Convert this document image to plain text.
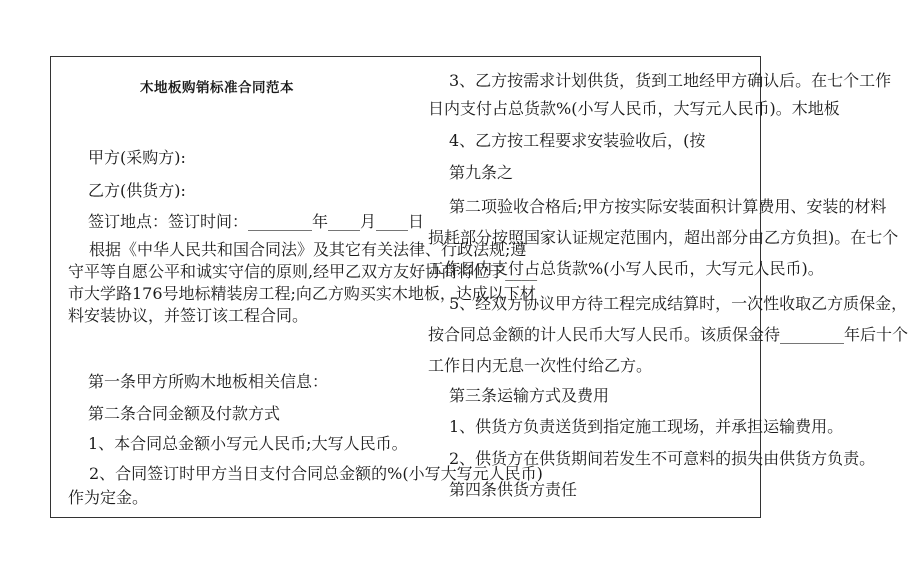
木地板购销标准合同范本
甲方(采购方):
乙方(供货方):
签订地点：签订时间：________年____月____日
根据《中华人民共和国合同法》及其它有关法律、行政法规;遵
守平等自愿公平和诚实守信的原则,经甲乙双方友好协商将位于____
市大学路176号地标精装房工程;向乙方购买实木地板，达成以下材
料安装协议，并签订该工程合同。
第一条甲方所购木地板相关信息：
第二条合同金额及付款方式
1、本合同总金额小写元人民币;大写人民币。
2、合同签订时甲方当日支付合同总金额的%(小写大写元人民币)
作为定金。
3、乙方按需求计划供货，货到工地经甲方确认后。在七个工作
日内支付占总货款%(小写人民币，大写元人民币)。木地板
4、乙方按工程要求安装验收后，(按
第九条之
第二项验收合格后;甲方按实际安装面积计算费用、安装的材料
损耗部分按照国家认证规定范围内，超出部分由乙方负担)。在七个
工作日内支付占总货款%(小写人民币，大写元人民币)。
5、经双方协议甲方待工程完成结算时，一次性收取乙方质保金，
按合同总金额的计人民币大写人民币。该质保金待________年后十个
工作日内无息一次性付给乙方。
第三条运输方式及费用
1、供货方负责送货到指定施工现场，并承担运输费用。
2、供货方在供货期间若发生不可意料的损失由供货方负责。
第四条供货方责任
